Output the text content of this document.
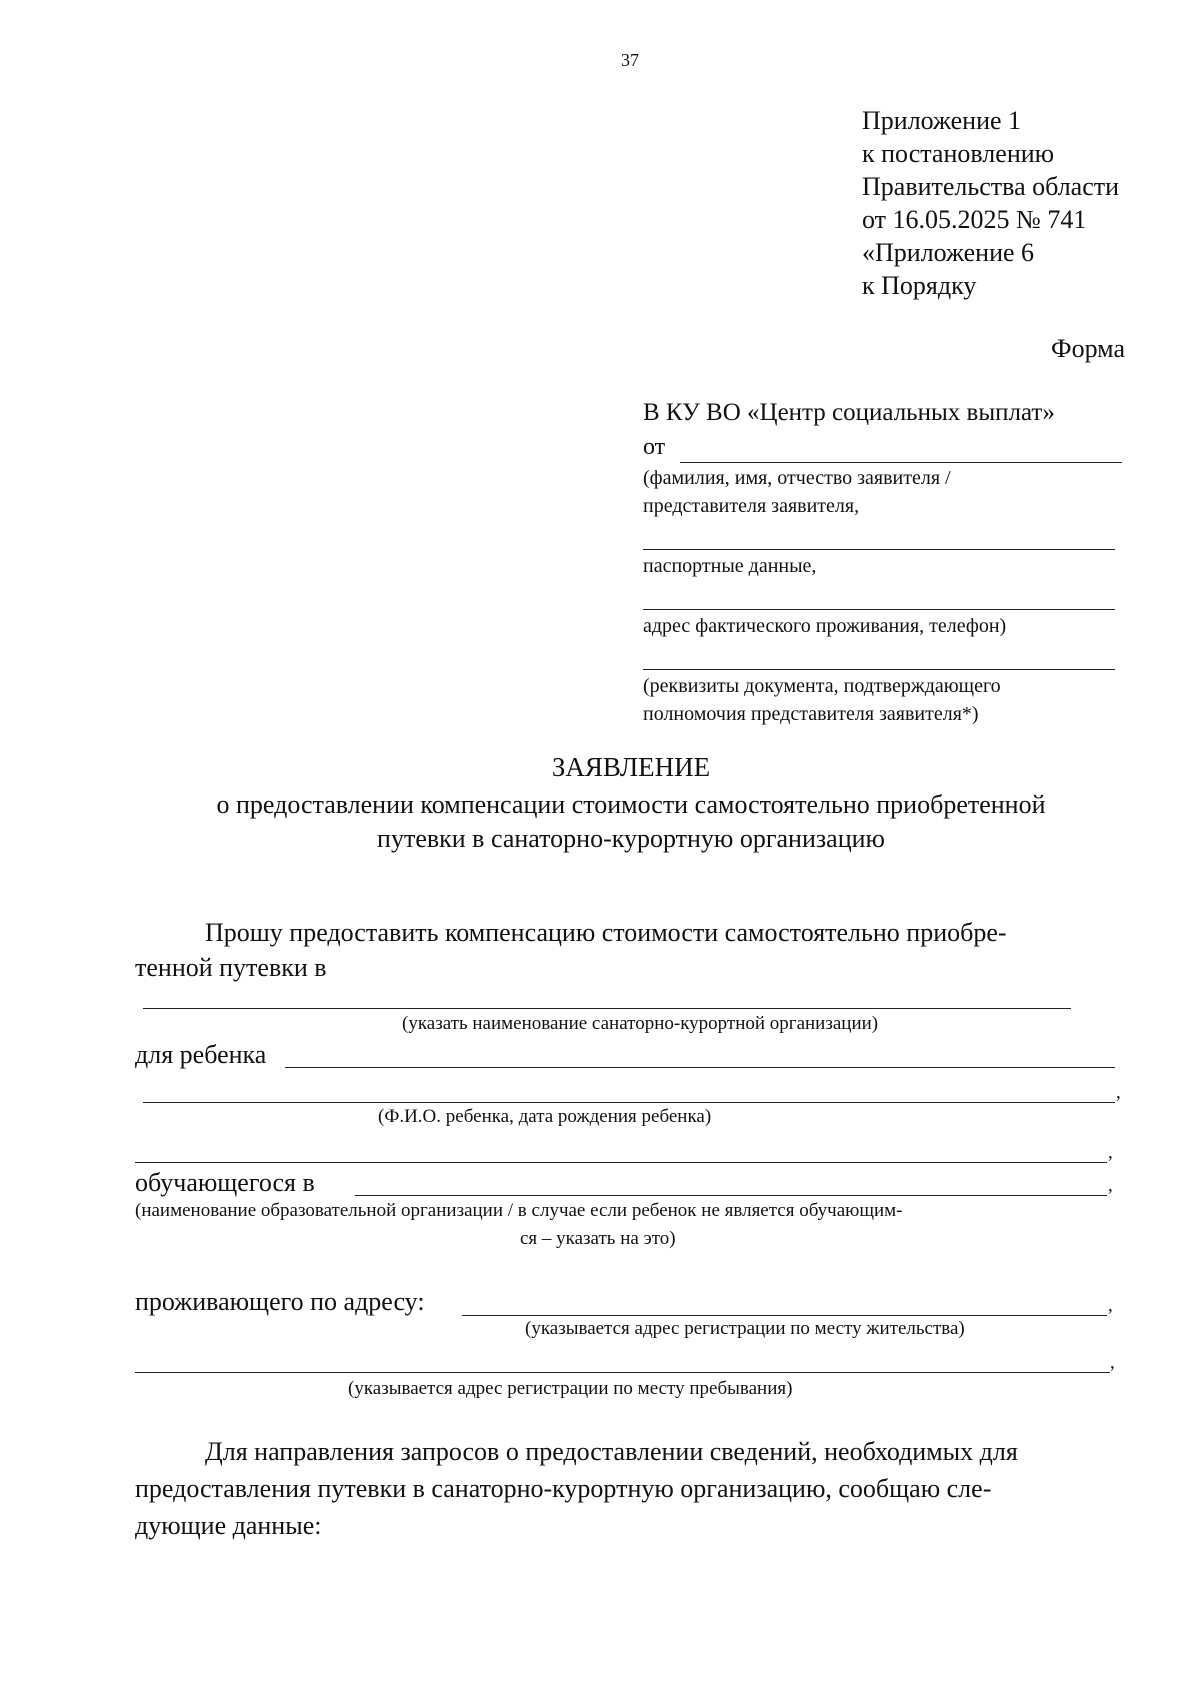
37
Приложение 1
к постановлению
Правительства области
от 16.05.2025 № 741
«Приложение 6
к Порядку
Форма
В КУ ВО «Центр социальных выплат»
от
(фамилия, имя, отчество заявителя /
представителя заявителя,
паспортные данные,
адрес фактического проживания, телефон)
(реквизиты документа, подтверждающего
полномочия представителя заявителя*)
ЗАЯВЛЕНИЕ
о предоставлении компенсации стоимости самостоятельно приобретенной путевки в санаторно-курортную организацию
Прошу предоставить компенсацию стоимости самостоятельно приобре-
тенной путевки в
(указать наименование санаторно-курортной организации)
для ребенка
,
(Ф.И.О. ребенка, дата рождения ребенка)
,
обучающегося в	,
(наименование образовательной организации / в случае если ребенок не является обучающим-
ся – указать на это)
проживающего по адресу:	,
(указывается адрес регистрации по месту жительства)
,
(указывается адрес регистрации по месту пребывания)
Для направления запросов о предоставлении сведений, необходимых для
предоставления путевки в санаторно-курортную организацию, сообщаю сле-
дующие данные:
